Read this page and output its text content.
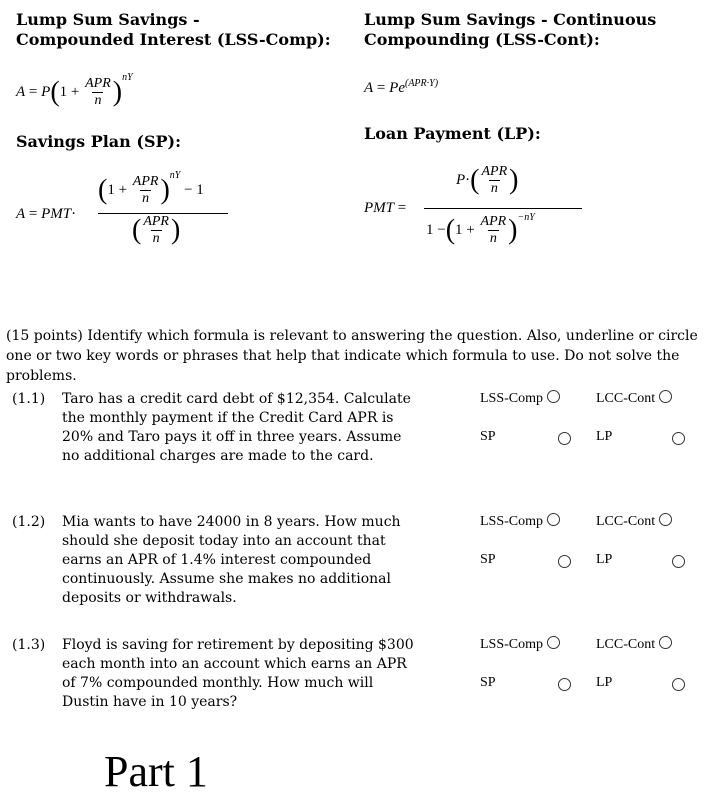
Lump Sum Savings -
Compounded Interest (LSS-Comp):
Lump Sum Savings - Continuous
Compounding (LSS-Cont):
$A = P(1 + \frac{\text{APR}}{n} )^{nY}$
$A = Pe^{(APR\cdot Y)}$
Savings Plan (SP):	Loan Payment (LP):
A = PMT·
$(1 + \frac{\text{APR}}{n} )^{nY} - 1$
( $\frac{\text{APR}}{n}$ )
PMT =
$P\cdot( \frac{\text{APR}}{n}$ )
$1 -(1 + \frac{\text{APR}}{n} )^{-nY}$
(15 points) Identify which formula is relevant to answering the question. Also, underline or circle one or two key words or phrases that help that indicate which formula to use. Do not solve the problems.
(1.1) Taro has a credit card debt of $12,354. Calculate the monthly payment if the Credit Card APR is 20% and Taro pays it off in three years. Assume no additional charges are made to the card.
LSS-Comp	LCC-Cont
SP	LP
(1.2) Mia wants to have 24000 in 8 years. How much should she deposit today into an account that earns an APR of 1.4% interest compounded continuously. Assume she makes no additional deposits or withdrawals.
LSS-Comp	LCC-Cont
SP	LP
(1.3) Floyd is saving for retirement by depositing $300 each month into an account which earns an APR of 7% compounded monthly. How much will Dustin have in 10 years?
LSS-Comp	LCC-Cont
SP	LP
Part 1
